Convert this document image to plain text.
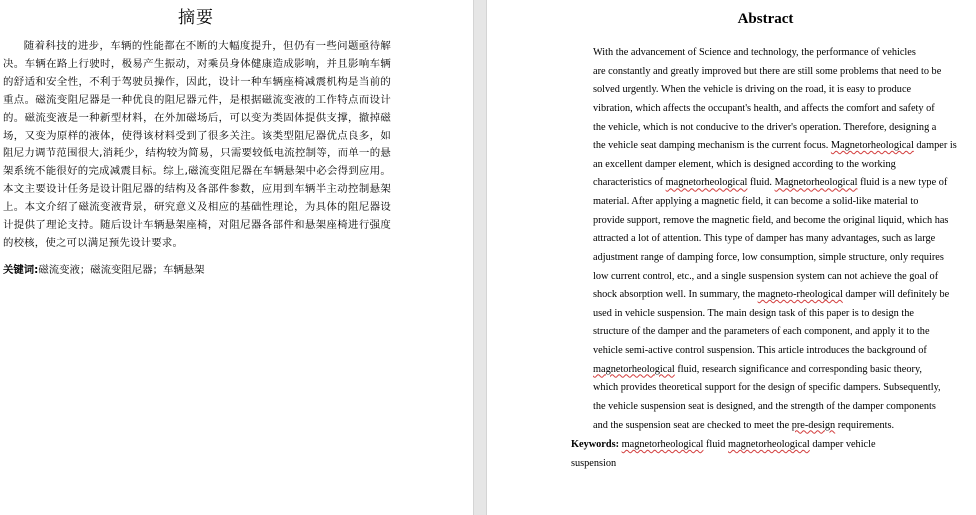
摘要

随着科技的进步，车辆的性能都在不断的大幅度提升，但仍有一些问题亟待解决。车辆在路上行驶时，极易产生振动，对乘员身体健康造成影响，并且影响车辆的舒适和安全性，不利于驾驶员操作，因此，设计一种车辆座椅减震机构是当前的重点。磁流变阻尼器是一种优良的阻尼器元件，是根据磁流变液的工作特点而设计的。磁流变液是一种新型材料，在外加磁场后，可以变为类固体提供支撑，撤掉磁场，又变为原样的液体，使得该材料受到了很多关注。该类型阻尼器优点良多，如阻尼力调节范围很大,消耗少，结构较为简易，只需要较低电流控制等，而单一的悬架系统不能很好的完成减震目标。综上,磁流变阻尼器在车辆悬架中必会得到应用。本文主要设计任务是设计阻尼器的结构及各部件参数，应用到车辆半主动控制悬架上。本文介绍了磁流变液背景，研究意义及相应的基础性理论，为具体的阻尼器设计提供了理论支持。随后设计车辆悬架座椅，对阻尼器各部件和悬架座椅进行强度的校核，使之可以满足预先设计要求。

关键词:磁流变液；磁流变阻尼器；车辆悬架

Abstract

With the advancement of Science and technology, the performance of vehicles
are constantly and greatly improved but there are still some problems that need to be
solved urgently. When the vehicle is driving on the road, it is easy to produce
vibration, which affects the occupant's health, and affects the comfort and safety of
the vehicle, which is not conducive to the driver's operation. Therefore, designing a
the vehicle seat damping mechanism is the current focus. Magnetorheological damper is
an excellent damper element, which is designed according to the working
characteristics of magnetorheological fluid. Magnetorheological fluid is a new type of
material. After applying a magnetic field, it can become a solid-like material to
provide support, remove the magnetic field, and become the original liquid, which has
attracted a lot of attention. This type of damper has many advantages, such as large
adjustment range of damping force, low consumption, simple structure, only requires
low current control, etc., and a single suspension system can not achieve the goal of
shock absorption well. In summary, the magneto-rheological damper will definitely be
used in vehicle suspension. The main design task of this paper is to design the
structure of the damper and the parameters of each component, and apply it to the
vehicle semi-active control suspension. This article introduces the background of
magnetorheological fluid, research significance and corresponding basic theory,
which provides theoretical support for the design of specific dampers. Subsequently,
the vehicle suspension seat is designed, and the strength of the damper components
and the suspension seat are checked to meet the pre-design requirements.

Keywords: magnetorheological fluid magnetorheological damper vehicle
suspension
